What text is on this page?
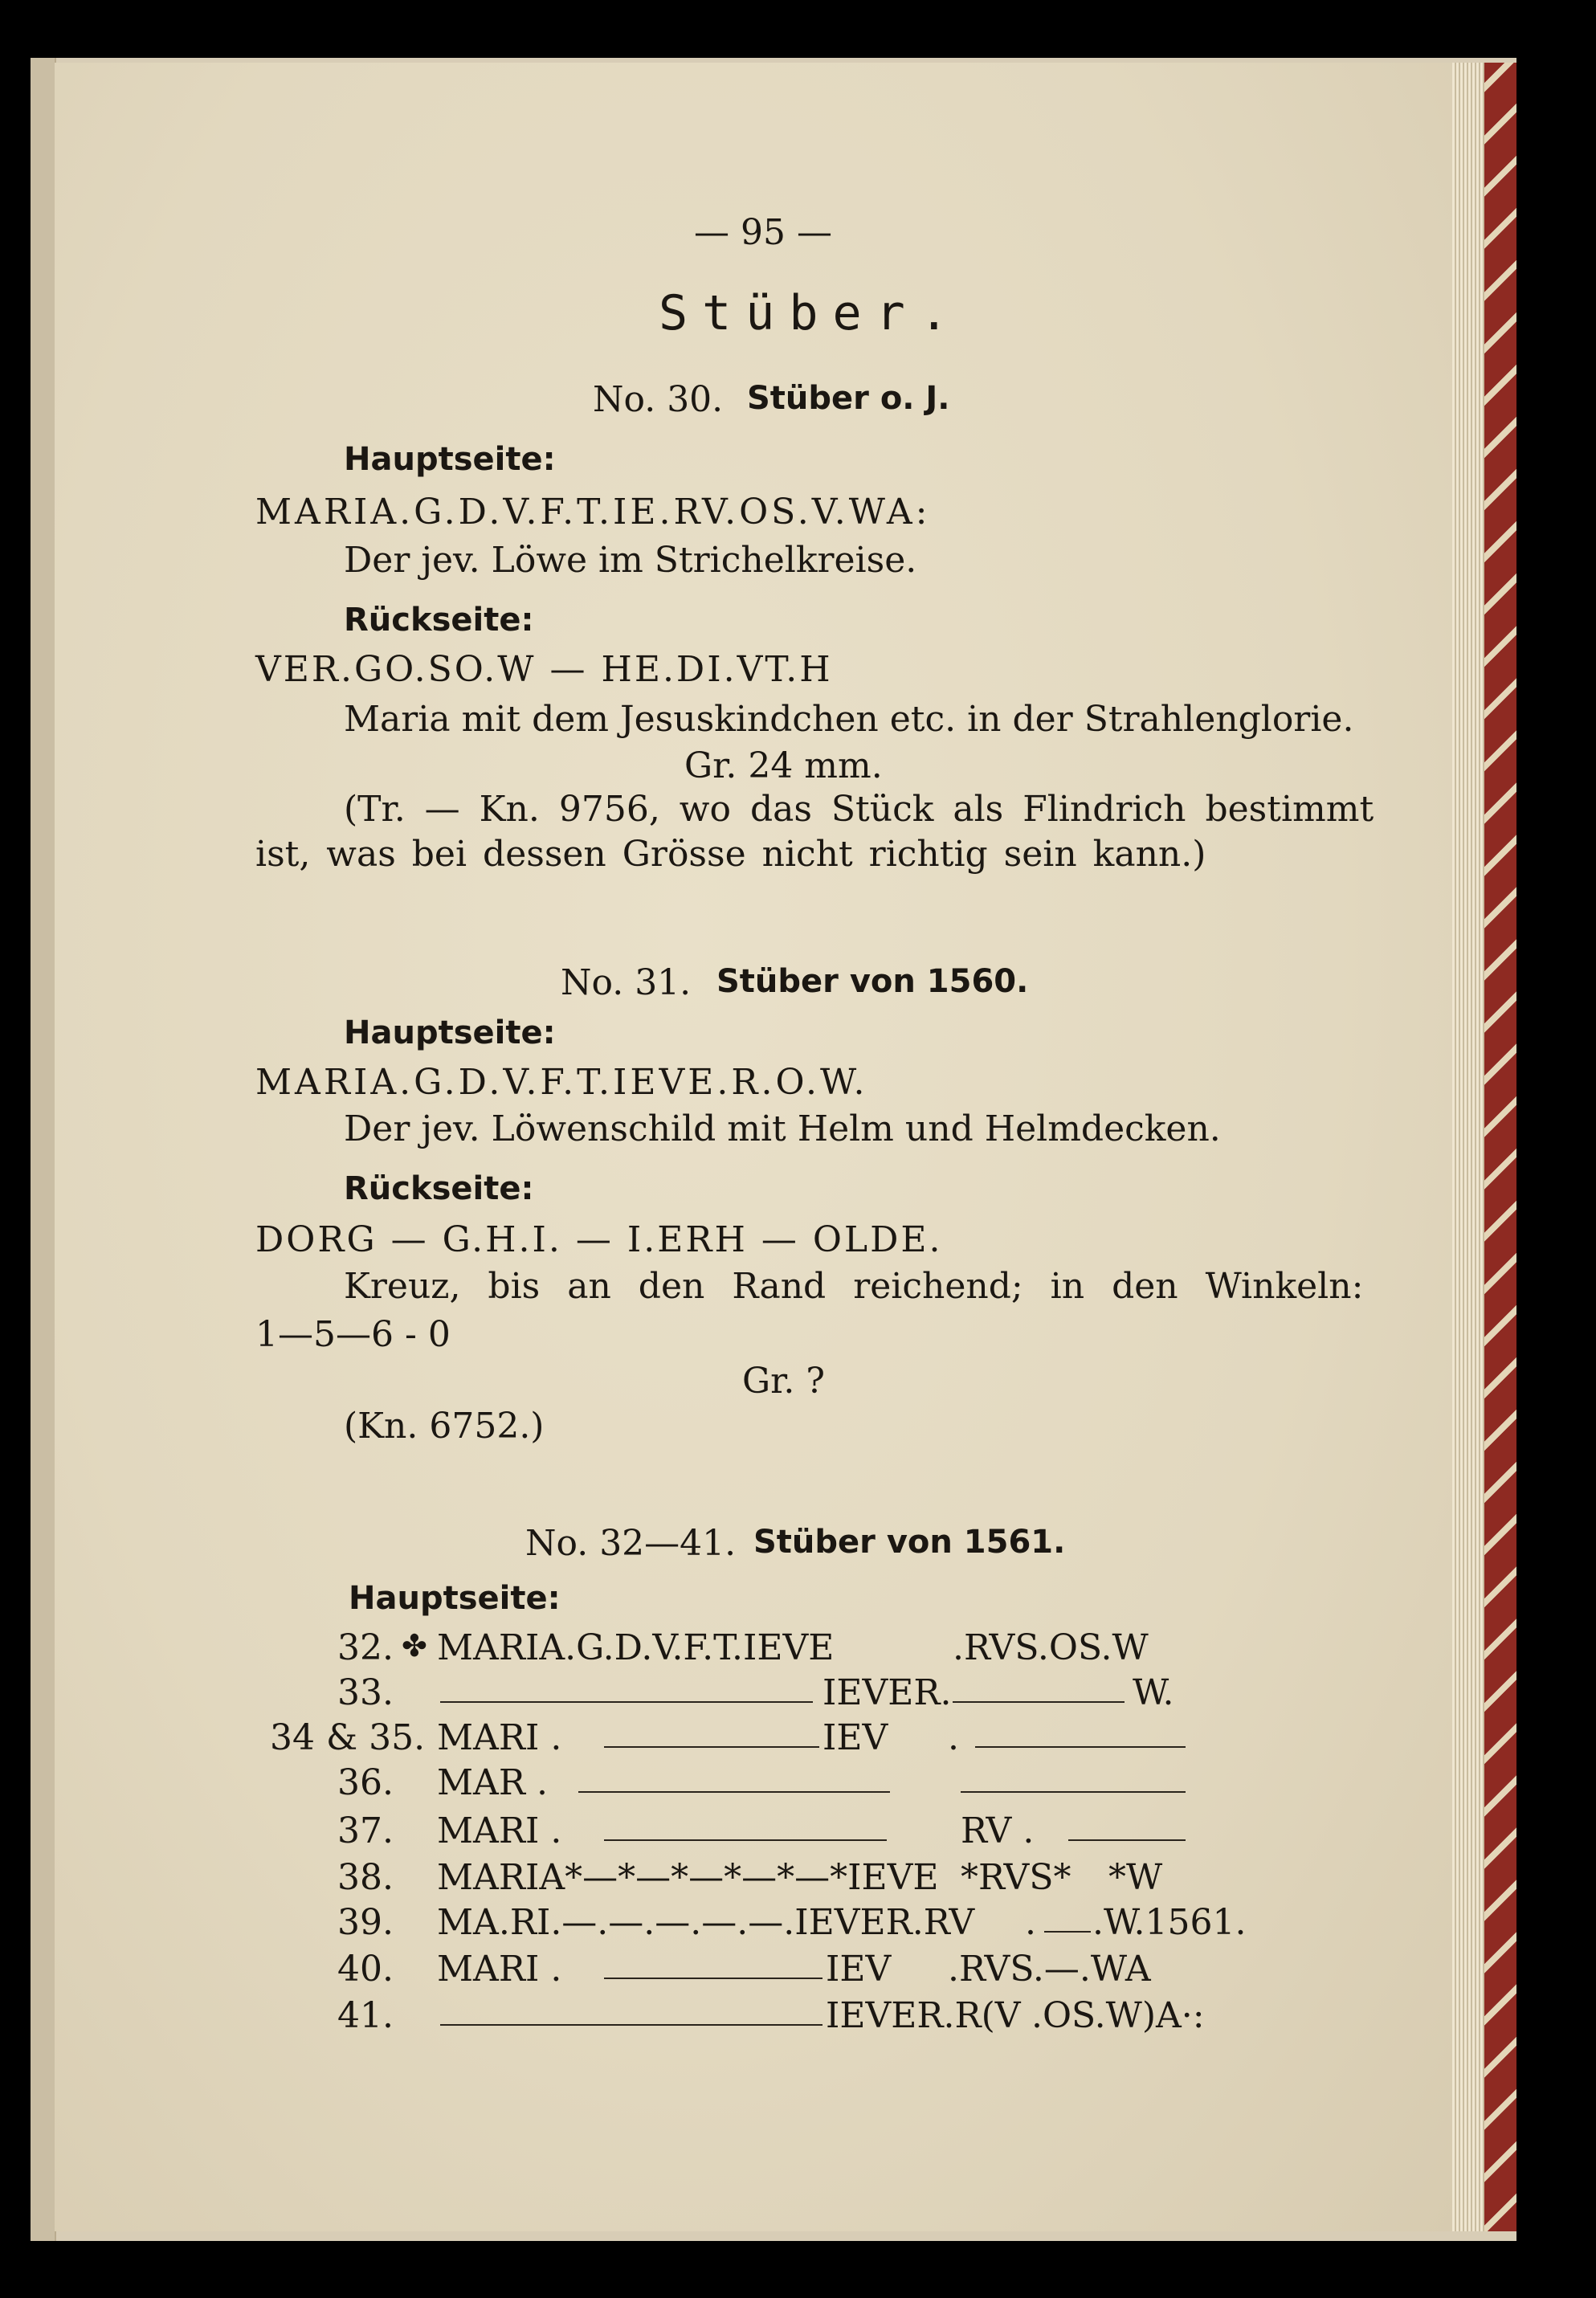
— 95 —
Stüber.
No. 30. Stüber o. J.
Hauptseite:
MARIA.G.D.V.F.T.IE.RV.OS.V.WA:
Der jev. Löwe im Strichelkreise.
Rückseite:
VER.GO.SO.W — HE.DI.VT.H
Maria mit dem Jesuskindchen etc. in der Strahlenglorie.
Gr. 24 mm.
(Tr. — Kn. 9756, wo das Stück als Flindrich bestimmt
ist, was bei dessen Grösse nicht richtig sein kann.)
No. 31. Stüber von 1560.
Hauptseite:
MARIA.G.D.V.F.T.IEVE.R.O.W.
Der jev. Löwenschild mit Helm und Helmdecken.
Rückseite:
DORG — G.H.I. — I.ERH — OLDE.
Kreuz, bis an den Rand reichend; in den Winkeln:
1—5—6 - 0
Gr. ?
(Kn. 6752.)
No. 32—41. Stüber von 1561.
Hauptseite:
32. ✤ MARIA.G.D.V.F.T.IEVE	.RVS.OS.W
33.	IEVER.	W.
34 & 35. MARI .	IEV .
36. MAR .
37. MARI .	RV .
38. MARIA*—*—*—*—*—*IEVE *RVS* *W
39. MA.RI.—.—.—.—.—.IEVER.RV . .W.1561.
40. MARI .	IEV .RVS.—.WA
41.	IEVER.R(V .OS.W)A·:
